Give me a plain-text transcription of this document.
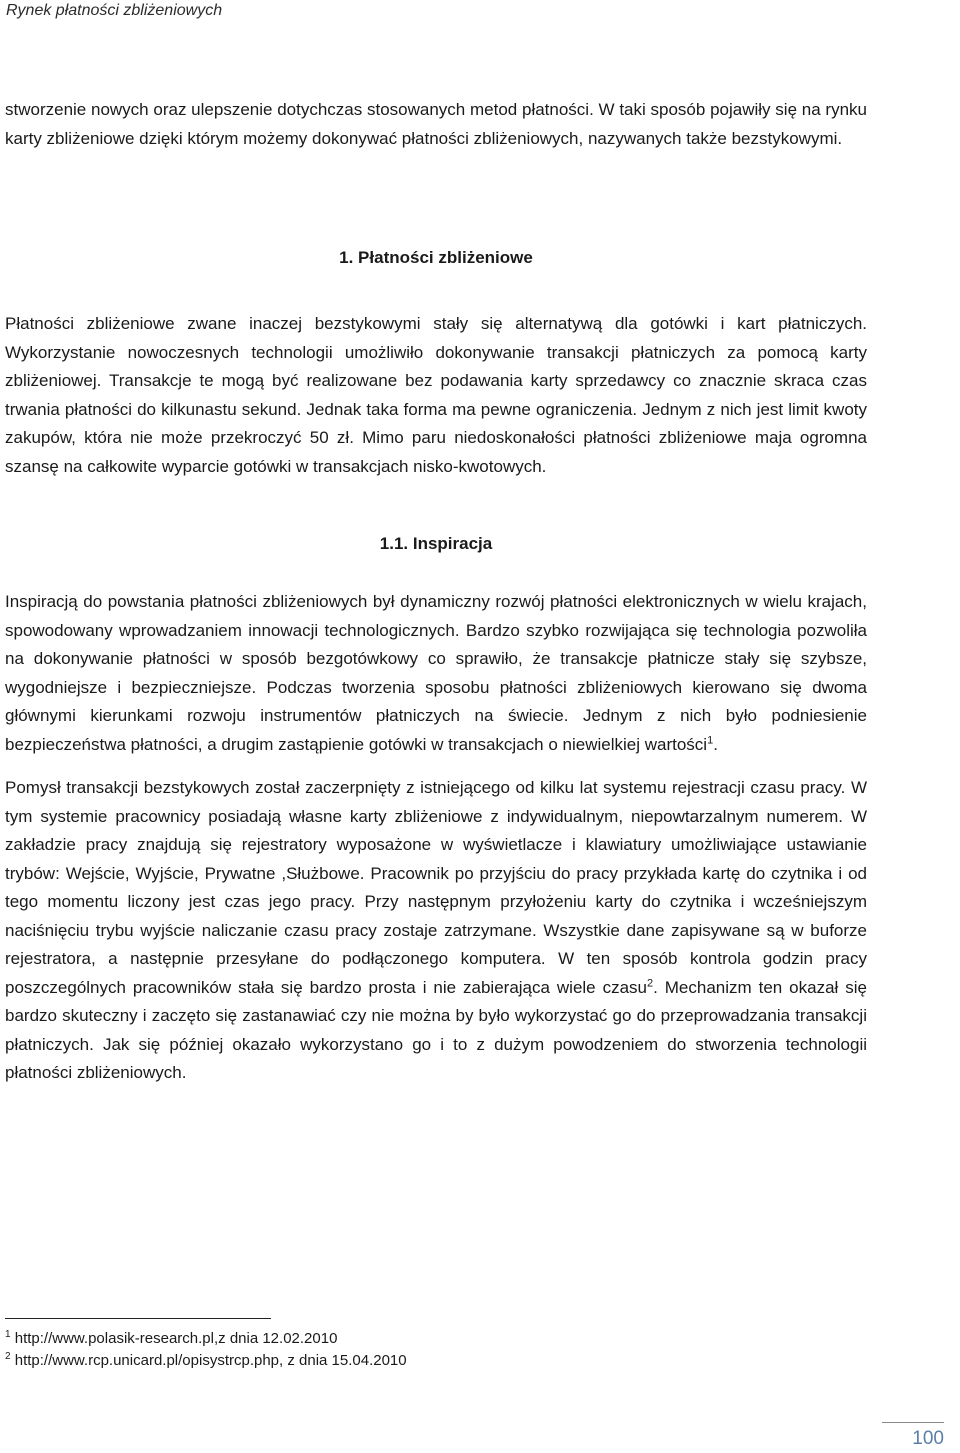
Rynek płatności zbliżeniowych

stworzenie nowych oraz ulepszenie dotychczas stosowanych metod płatności. W taki sposób pojawiły się na rynku karty zbliżeniowe dzięki którym możemy dokonywać płatności zbliżeniowych, nazywanych także bezstykowymi.

1. Płatności zbliżeniowe

Płatności zbliżeniowe zwane inaczej bezstykowymi stały się alternatywą dla gotówki i kart płatniczych. Wykorzystanie nowoczesnych technologii umożliwiło dokonywanie transakcji płatniczych za pomocą karty zbliżeniowej. Transakcje te mogą być realizowane bez podawania karty sprzedawcy co znacznie skraca czas trwania płatności do kilkunastu sekund. Jednak taka forma ma pewne ograniczenia. Jednym z nich jest limit kwoty zakupów, która nie może przekroczyć 50 zł. Mimo paru niedoskonałości płatności zbliżeniowe maja ogromna szansę na całkowite wyparcie gotówki w transakcjach nisko-kwotowych.

1.1. Inspiracja

Inspiracją do powstania płatności zbliżeniowych był dynamiczny rozwój płatności elektronicznych w wielu krajach, spowodowany wprowadzaniem innowacji technologicznych. Bardzo szybko rozwijająca się technologia pozwoliła na dokonywanie płatności w sposób bezgotówkowy co sprawiło, że transakcje płatnicze stały się szybsze, wygodniejsze i bezpieczniejsze. Podczas tworzenia sposobu płatności zbliżeniowych kierowano się dwoma głównymi kierunkami rozwoju instrumentów płatniczych na świecie. Jednym z nich było podniesienie bezpieczeństwa płatności, a drugim zastąpienie gotówki w transakcjach o niewielkiej wartości$^1$.

Pomysł transakcji bezstykowych został zaczerpnięty z istniejącego od kilku lat systemu rejestracji czasu pracy. W tym systemie pracownicy posiadają własne karty zbliżeniowe z indywidualnym, niepowtarzalnym numerem. W zakładzie pracy znajdują się rejestratory wyposażone w wyświetlacze i klawiatury umożliwiające ustawianie trybów: Wejście, Wyjście, Prywatne ,Służbowe. Pracownik po przyjściu do pracy przykłada kartę do czytnika i od tego momentu liczony jest czas jego pracy. Przy następnym przyłożeniu karty do czytnika i wcześniejszym naciśnięciu trybu wyjście naliczanie czasu pracy zostaje zatrzymane. Wszystkie dane zapisywane są w buforze rejestratora, a następnie przesyłane do podłączonego komputera. W ten sposób kontrola godzin pracy poszczególnych pracowników stała się bardzo prosta i nie zabierająca wiele czasu$^2$. Mechanizm ten okazał się bardzo skuteczny i zaczęto się zastanawiać czy nie można by było wykorzystać go do przeprowadzania transakcji płatniczych. Jak się później okazało wykorzystano go i to z dużym powodzeniem do stworzenia technologii płatności zbliżeniowych.

$^1$ http://www.polasik-research.pl,z dnia 12.02.2010
$^2$ http://www.rcp.unicard.pl/opisystrcp.php, z dnia 15.04.2010
100
